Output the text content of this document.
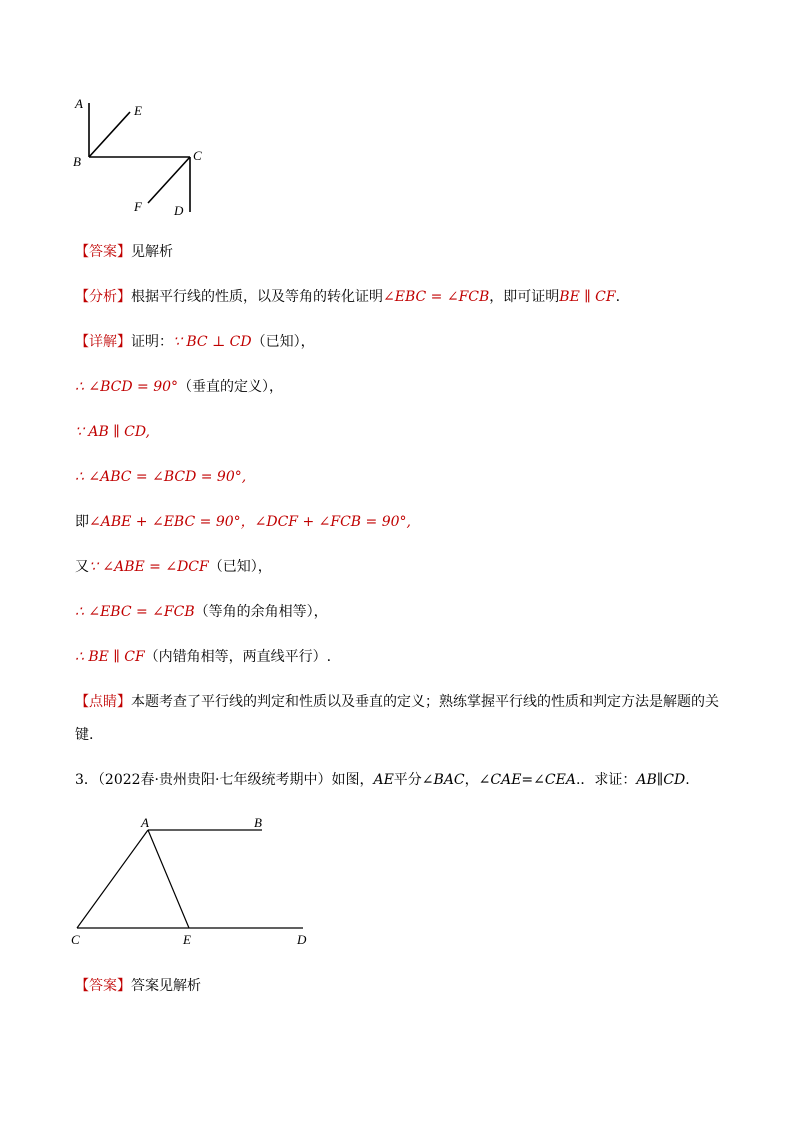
A	E
B	C
F D
【答案】见解析
【分析】根据平行线的性质，以及等角的转化证明∠EBC = ∠FCB，即可证明BE ∥ CF.
【详解】证明：∵ BC ⊥ CD（已知），
∴ ∠BCD = 90°（垂直的定义），
∵ AB ∥ CD,
∴ ∠ABC = ∠BCD = 90°,
即∠ABE + ∠EBC = 90°，∠DCF + ∠FCB = 90°,
又∵ ∠ABE = ∠DCF（已知），
∴ ∠EBC = ∠FCB（等角的余角相等），
∴ BE ∥ CF（内错角相等，两直线平行）.
【点睛】本题考查了平行线的判定和性质以及垂直的定义；熟练掌握平行线的性质和判定方法是解题的关
键.
3．（2022春·贵州贵阳·七年级统考期中）如图，AE平分∠BAC，∠CAE=∠CEA.．求证：AB∥CD.
A	B
C	E	D
【答案】答案见解析
